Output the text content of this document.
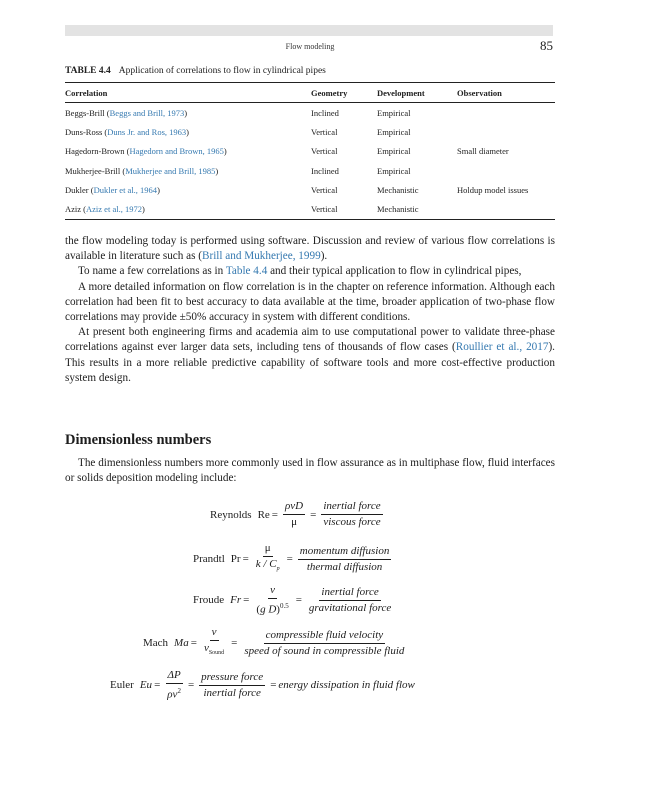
Flow modeling	85
TABLE 4.4 Application of correlations to flow in cylindrical pipes
Correlation	Geometry	Development	Observation
Beggs-Brill (Beggs and Brill, 1973)	Inclined	Empirical	
Duns-Ross (Duns Jr. and Ros, 1963)	Vertical	Empirical	
Hagedorn-Brown (Hagedorn and Brown, 1965)	Vertical	Empirical	Small diameter
Mukherjee-Brill (Mukherjee and Brill, 1985)	Inclined	Empirical	
Dukler (Dukler et al., 1964)	Vertical	Mechanistic	Holdup model issues
Aziz (Aziz et al., 1972)	Vertical	Mechanistic	

the flow modeling today is performed using software. Discussion and review of various flow correlations is available in literature such as (Brill and Mukherjee, 1999).

To name a few correlations as in Table 4.4 and their typical application to flow in cylindrical pipes,

A more detailed information on flow correlation is in the chapter on reference information. Although each correlation had been fit to best accuracy to data available at the time, broader application of two-phase flow correlations may provide ±50% accuracy in system with different conditions.

At present both engineering firms and academia aim to use computational power to validate three-phase correlations against ever larger data sets, including tens of thousands of flow cases (Roullier et al., 2017). This results in a more reliable predictive capability of software tools and more cost-effective production system design.

Dimensionless numbers
The dimensionless numbers more commonly used in flow assurance as in multiphase flow, fluid interfaces or solids deposition modeling include:
Reynolds $Re = \frac{\text{ρvD}}{\mu} = \frac{\text{inertial force}}{\text{viscous force}}$
Prandtl $Pr = \frac{\mu}{k / C_p} = \frac{\text{momentum diffusion}}{\text{thermal diffusion}}$
Froude $Fr = \frac{v}{(g D)^{0.5}} = \frac{\text{inertial force}}{\text{gravitational force}}$
Mach $Ma = \frac{v}{v_{Sound}} = \frac{\text{compressible fluid velocity}}{\text{speed of sound in compressible fluid}}$
Euler $Eu = \frac{\Delta P}{\rho v^2} = \frac{\text{pressure force}}{\text{inertial force}}$ = energy dissipation in fluid flow
